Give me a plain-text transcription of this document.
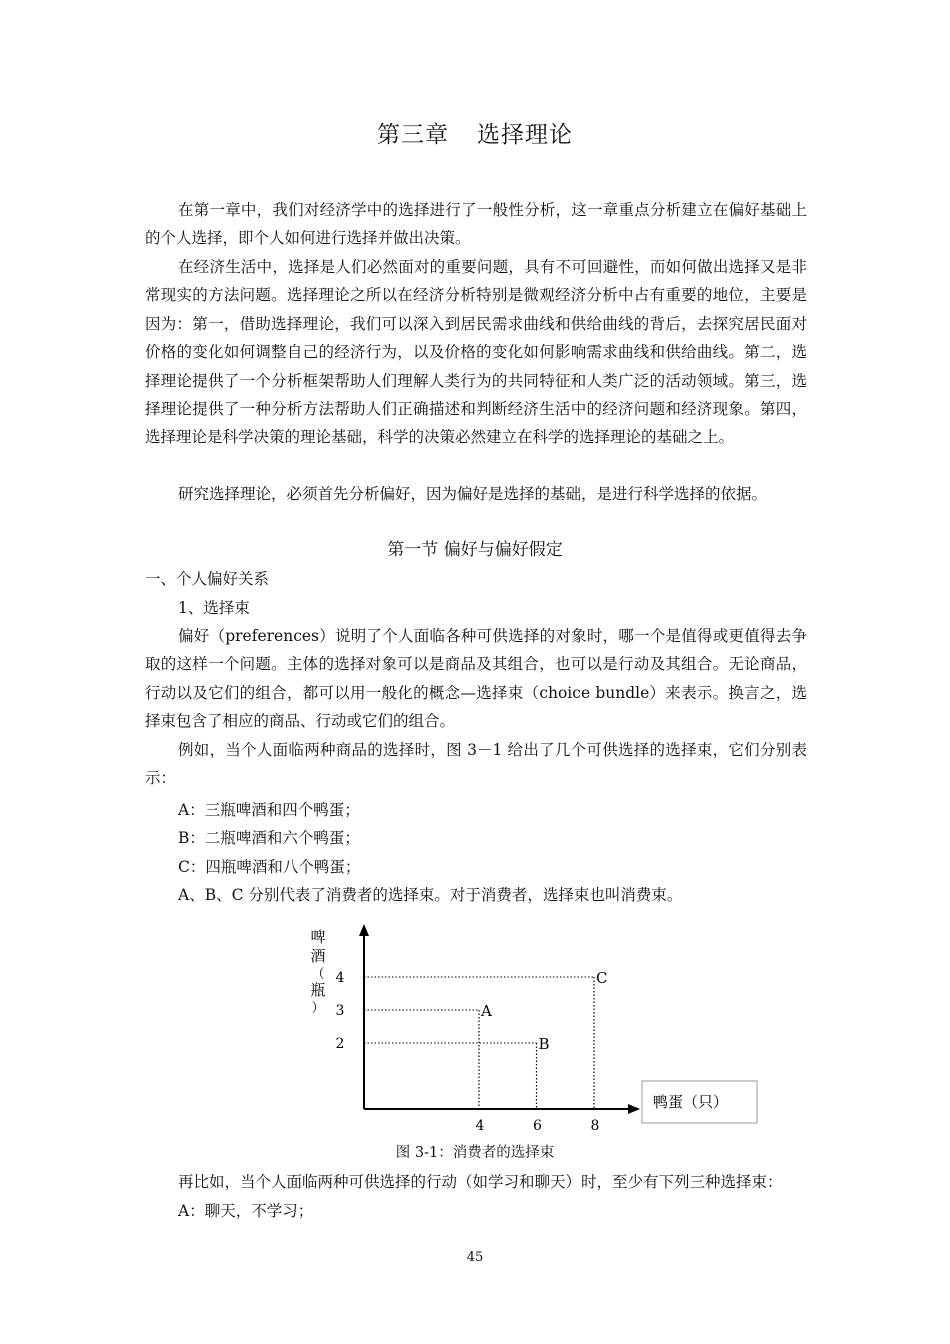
第三章 选择理论

在第一章中，我们对经济学中的选择进行了一般性分析，这一章重点分析建立在偏好基础上的个人选择，即个人如何进行选择并做出决策。

在经济生活中，选择是人们必然面对的重要问题，具有不可回避性，而如何做出选择又是非常现实的方法问题。选择理论之所以在经济分析特别是微观经济分析中占有重要的地位，主要是因为：第一，借助选择理论，我们可以深入到居民需求曲线和供给曲线的背后，去探究居民面对价格的变化如何调整自己的经济行为，以及价格的变化如何影响需求曲线和供给曲线。第二，选择理论提供了一个分析框架帮助人们理解人类行为的共同特征和人类广泛的活动领域。第三，选择理论提供了一种分析方法帮助人们正确描述和判断经济生活中的经济问题和经济现象。第四，选择理论是科学决策的理论基础，科学的决策必然建立在科学的选择理论的基础之上。

研究选择理论，必须首先分析偏好，因为偏好是选择的基础，是进行科学选择的依据。

第一节 偏好与偏好假定
一、个人偏好关系
1、选择束

偏好（preferences）说明了个人面临各种可供选择的对象时，哪一个是值得或更值得去争取的这样一个问题。主体的选择对象可以是商品及其组合，也可以是行动及其组合。无论商品，行动以及它们的组合，都可以用一般化的概念—选择束（choice bundle）来表示。换言之，选择束包含了相应的商品、行动或它们的组合。

例如，当个人面临两种商品的选择时，图 3－1 给出了几个可供选择的选择束，它们分别表示：

A：三瓶啤酒和四个鸭蛋；
B：二瓶啤酒和六个鸭蛋；
C：四瓶啤酒和八个鸭蛋；
A、B、C 分别代表了消费者的选择束。对于消费者，选择束也叫消费束。
啤
酒
（
瓶
）
鸭蛋（只）
A
B
C
2
3
4
4	6	8
图 3-1：消费者的选择束

再比如，当个人面临两种可供选择的行动（如学习和聊天）时，至少有下列三种选择束：

A：聊天，不学习；
45
